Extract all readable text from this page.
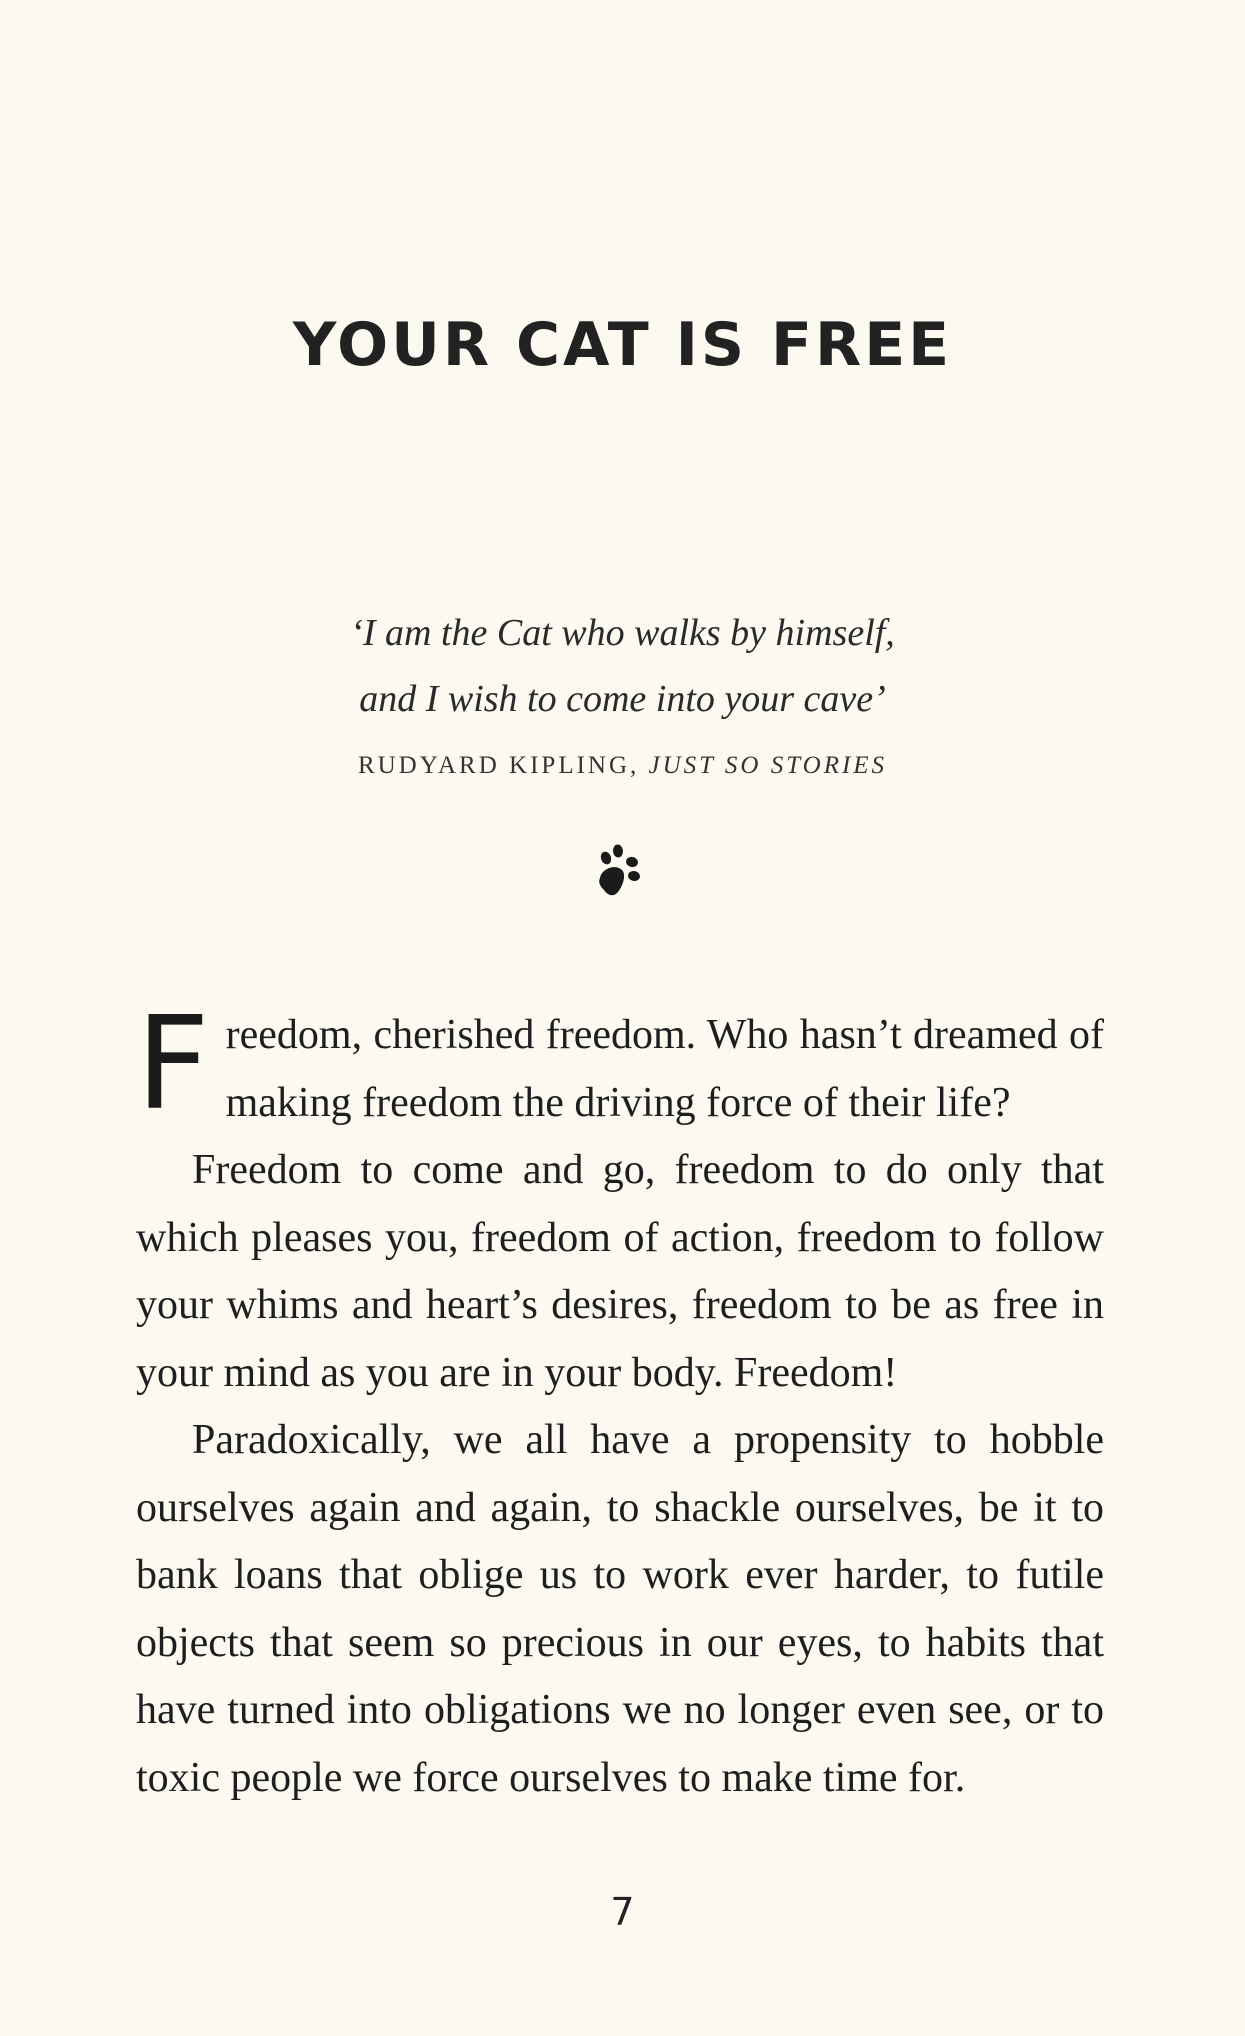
YOUR CAT IS FREE
‘I am the Cat who walks by himself,
and I wish to come into your cave’
RUDYARD KIPLING, JUST SO STORIES

Freedom, cherished freedom. Who hasn’t dreamed of making freedom the driving force of their life?

Freedom to come and go, freedom to do only that which pleases you, freedom of action, freedom to follow your whims and heart’s desires, freedom to be as free in your mind as you are in your body. Freedom!

Paradoxically, we all have a propensity to hobble ourselves again and again, to shackle ourselves, be it to bank loans that oblige us to work ever harder, to futile objects that seem so precious in our eyes, to habits that have turned into obligations we no longer even see, or to toxic people we force ourselves to make time for.

7
